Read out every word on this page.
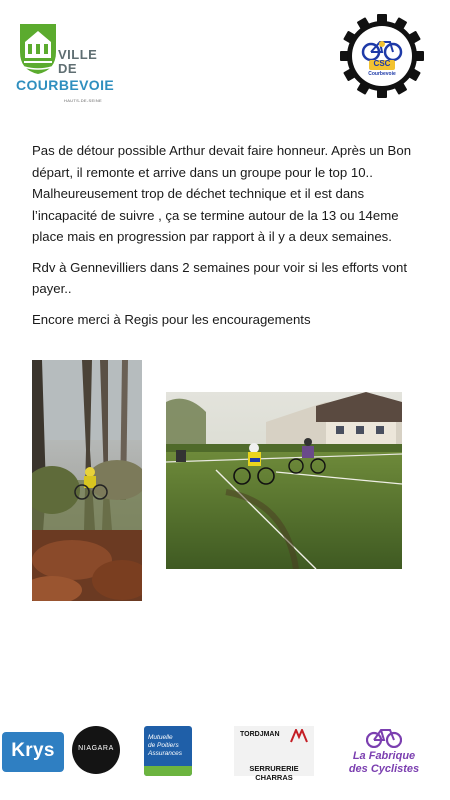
VILLE
DE
COURBEVOIE
HAUTS-DE-SEINE
CSC
Courbevoie

Pas de détour possible Arthur devait faire honneur. Après un Bon départ, il remonte et arrive dans un groupe pour le top 10.. Malheureusement trop de déchet technique et il est dans l’incapacité de suivre , ça se termine autour de la 13 ou 14eme place mais en progression par rapport à il y a deux semaines.

Rdv à Gennevilliers dans 2 semaines pour voir si les efforts vont payer..

Encore merci à Regis pour les encouragements

Krys	NIAGARA
Mutuelle
de Poitiers
Assurances
TORDJMAN
SERRURERIE CHARRAS
La Fabrique
des Cyclistes
